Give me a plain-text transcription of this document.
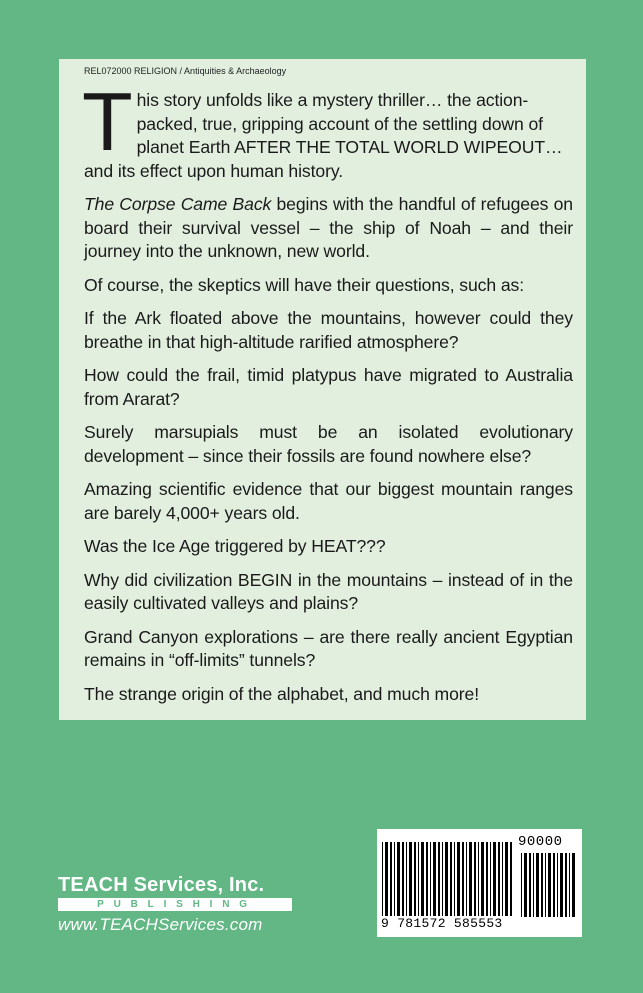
REL072000 RELIGION / Antiquities & Archaeology

This story unfolds like a mystery thriller… the action-packed, true, gripping account of the settling down of planet Earth AFTER THE TOTAL WORLD WIPEOUT… and its effect upon human history.

The Corpse Came Back begins with the handful of refugees on board their survival vessel – the ship of Noah – and their journey into the unknown, new world.

Of course, the skeptics will have their questions, such as:

If the Ark floated above the mountains, however could they breathe in that high-altitude rarified atmosphere?

How could the frail, timid platypus have migrated to Australia from Ararat?

Surely marsupials must be an isolated evolutionary development – since their fossils are found nowhere else?

Amazing scientific evidence that our biggest mountain ranges are barely 4,000+ years old.

Was the Ice Age triggered by HEAT???

Why did civilization BEGIN in the mountains – instead of in the easily cultivated valleys and plains?

Grand Canyon explorations – are there really ancient Egyptian remains in “off-limits” tunnels?

The strange origin of the alphabet, and much more!

TEACH Services, Inc.
PUBLISHING
www.TEACHServices.com
90000
9 781572 585553
